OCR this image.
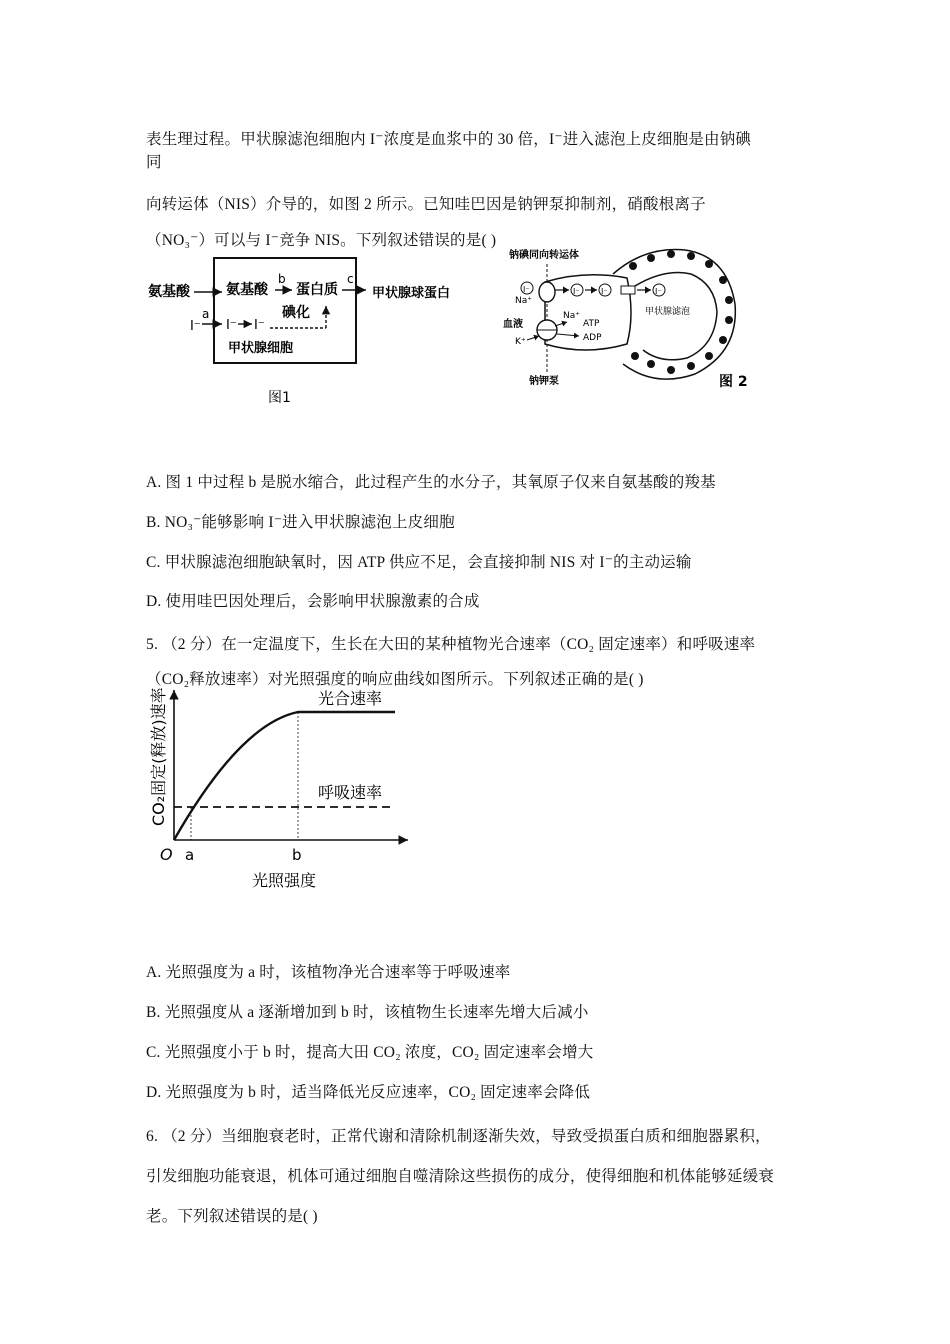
表生理过程。甲状腺滤泡细胞内 I⁻浓度是血浆中的 30 倍，I⁻进入滤泡上皮细胞是由钠碘
同
向转运体（NIS）介导的，如图 2 所示。已知哇巴因是钠钾泵抑制剂，硝酸根离子
（NO₃⁻）可以与 I⁻竞争 NIS。下列叙述错误的是( )
氨基酸	氨基酸
b
蛋白质
c
甲状腺球蛋白
碘化
I⁻
a
I⁻ I⁻
甲状腺细胞
图1
钠碘同向转运体
Na⁺
I⁻	I⁻	I⁻	I⁻
甲状腺滤泡
血液
K⁺
Na⁺
ATP
ADP
钠钾泵	图 2
A. 图 1 中过程 b 是脱水缩合，此过程产生的水分子，其氧原子仅来自氨基酸的羧基
B. NO₃⁻能够影响 I⁻进入甲状腺滤泡上皮细胞
C. 甲状腺滤泡细胞缺氧时，因 ATP 供应不足，会直接抑制 NIS 对 I⁻的主动运输
D. 使用哇巴因处理后，会影响甲状腺激素的合成
5. （2 分）在一定温度下，生长在大田的某种植物光合速率（CO₂ 固定速率）和呼吸速率
（CO₂释放速率）对光照强度的响应曲线如图所示。下列叙述正确的是( )
CO₂固定(释放)速率
O a	b
光照强度
光合速率
呼吸速率
A. 光照强度为 a 时，该植物净光合速率等于呼吸速率
B. 光照强度从 a 逐渐增加到 b 时，该植物生长速率先增大后减小
C. 光照强度小于 b 时，提高大田 CO₂ 浓度，CO₂ 固定速率会增大
D. 光照强度为 b 时，适当降低光反应速率，CO₂ 固定速率会降低
6. （2 分）当细胞衰老时，正常代谢和清除机制逐渐失效，导致受损蛋白质和细胞器累积，
引发细胞功能衰退，机体可通过细胞自噬清除这些损伤的成分，使得细胞和机体能够延缓衰
老。下列叙述错误的是( )
